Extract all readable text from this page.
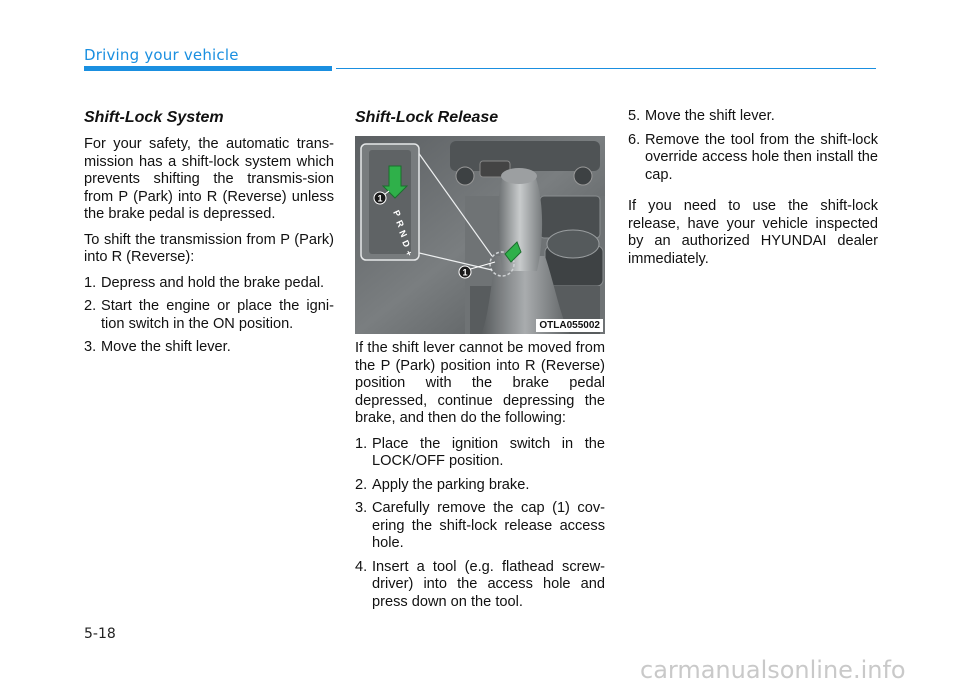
Driving your vehicle
Shift-Lock System

For your safety, the automatic trans-mission has a shift-lock system which prevents shifting the transmis-sion from P (Park) into R (Reverse) unless the brake pedal is depressed.

To shift the transmission from P (Park) into R (Reverse):

1. Depress and hold the brake pedal.
2. Start the engine or place the igni-tion switch in the ON position.
3. Move the shift lever.
Shift-Lock Release
P
R
N
D
+
1
1
OTLA055002

If the shift lever cannot be moved from the P (Park) position into R (Reverse) position with the brake pedal depressed, continue depressing the brake, and then do the following:

1. Place the ignition switch in the LOCK/OFF position.
2. Apply the parking brake.
3. Carefully remove the cap (1) cov-ering the shift-lock release access hole.
4. Insert a tool (e.g. flathead screw-driver) into the access hole and press down on the tool.
5. Move the shift lever.
6. Remove the tool from the shift-lock override access hole then install the cap.

If you need to use the shift-lock release, have your vehicle inspected by an authorized HYUNDAI dealer immediately.

5-18
carmanualsonline.info
